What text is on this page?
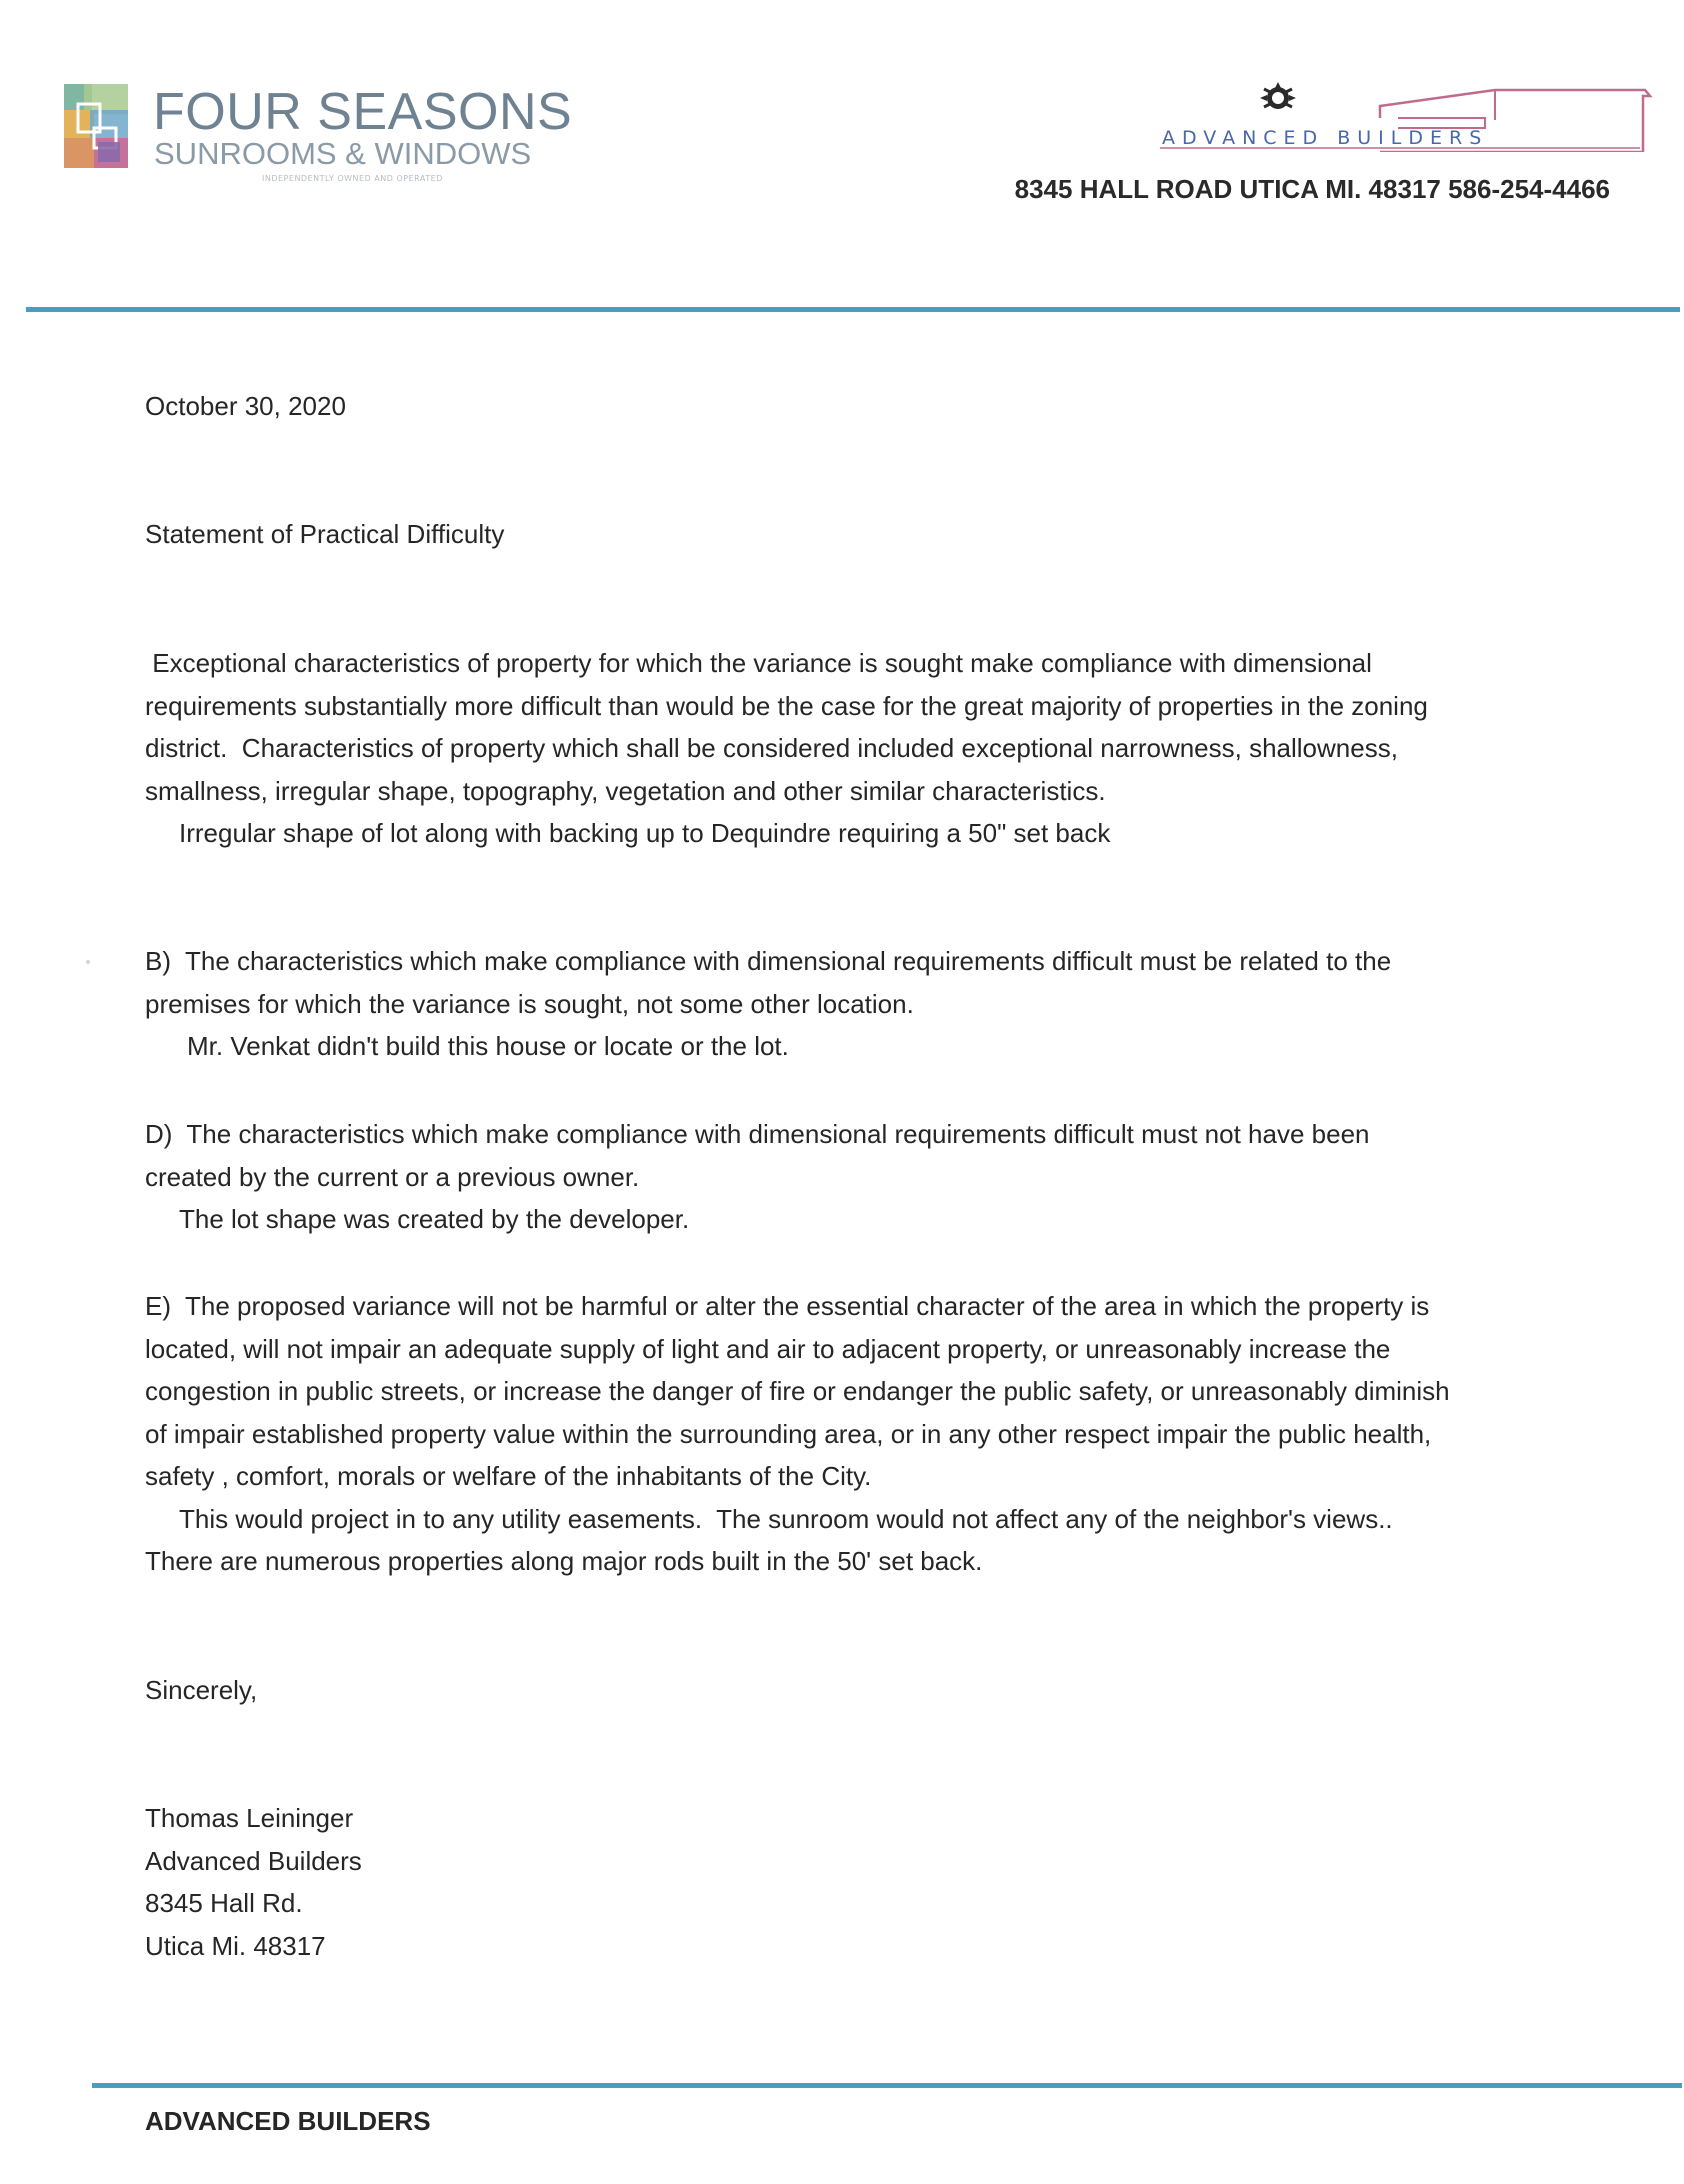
FOUR SEASONS
SUNROOMS & WINDOWS
INDEPENDENTLY OWNED AND OPERATED
ADVANCED BUILDERS
8345 HALL ROAD UTICA MI. 48317 586-254-4466
October 30, 2020
Statement of Practical Difficulty
Exceptional characteristics of property for which the variance is sought make compliance with dimensional
requirements substantially more difficult than would be the case for the great majority of properties in the zoning
district.  Characteristics of property which shall be considered included exceptional narrowness, shallowness,
smallness, irregular shape, topography, vegetation and other similar characteristics.
Irregular shape of lot along with backing up to Dequindre requiring a 50" set back
B)  The characteristics which make compliance with dimensional requirements difficult must be related to the
premises for which the variance is sought, not some other location.
Mr. Venkat didn't build this house or locate or the lot.
D)  The characteristics which make compliance with dimensional requirements difficult must not have been
created by the current or a previous owner.
The lot shape was created by the developer.
E)  The proposed variance will not be harmful or alter the essential character of the area in which the property is
located, will not impair an adequate supply of light and air to adjacent property, or unreasonably increase the
congestion in public streets, or increase the danger of fire or endanger the public safety, or unreasonably diminish
of impair established property value within the surrounding area, or in any other respect impair the public health,
safety , comfort, morals or welfare of the inhabitants of the City.
This would project in to any utility easements.  The sunroom would not affect any of the neighbor's views..
There are numerous properties along major rods built in the 50' set back.
Sincerely,
Thomas Leininger
Advanced Builders
8345 Hall Rd.
Utica Mi. 48317
ADVANCED BUILDERS
